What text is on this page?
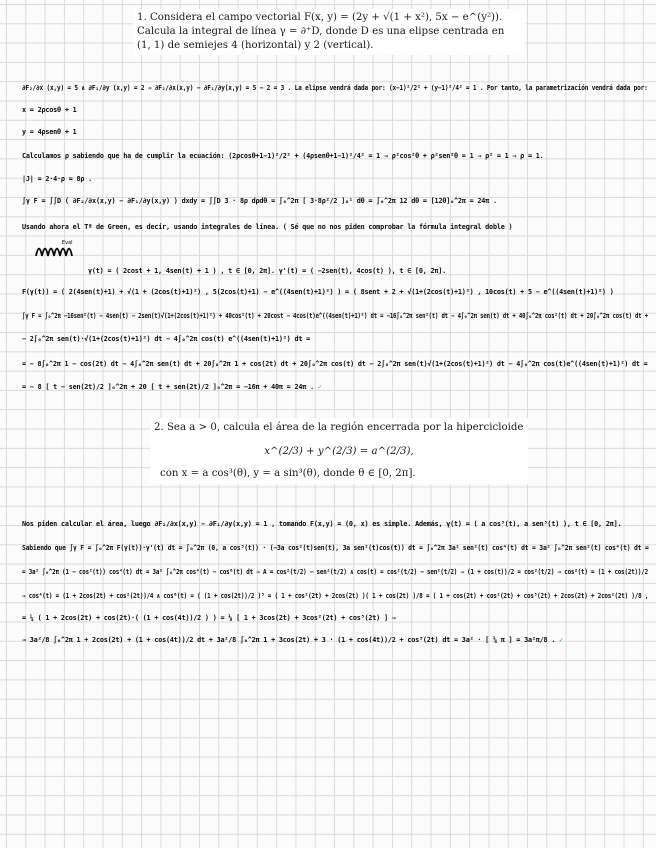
1. Considera el campo vectorial F(x, y) = (2y + √(1 + x²), 5x − e^(y²)). Calcula la integral de línea γ = ∂⁺D, donde D es una elipse centrada en (1, 1) de semiejes 4 (horizontal) y 2 (vertical).
∂F₂/∂x (x,y) = 5 ∧ ∂F₁/∂y (x,y) = 2 ⇒ ∂F₂/∂x(x,y) − ∂F₁/∂y(x,y) = 5 − 2 = 3 . La elipse vendrá dada por: (x−1)²/2² + (y−1)²/4² = 1 . Por tanto, la parametrización vendrá dada por:
x = 2ρcosθ + 1
y = 4ρsenθ + 1
Calculamos ρ sabiendo que ha de cumplir la ecuación: (2ρcosθ+1−1)²/2² + (4ρsenθ+1−1)²/4² = 1 ⇒ ρ²cos²θ + ρ²sen²θ = 1 ⇒ ρ² = 1 ⇒ ρ = 1.
|J| = 2·4·ρ = 8ρ .
∫γ F = ∫∫D ( ∂F₂/∂x(x,y) − ∂F₁/∂y(x,y) ) dxdy = ∫∫D 3 · 8ρ dρdθ = ∫₀^2π [ 3·8ρ²/2 ]₀¹ dθ = ∫₀^2π 12 dθ = [12θ]₀^2π = 24π .
Usando ahora el Tª de Green, es decir, usando integrales de línea. ( Sé que no nos piden comprobar la fórmula integral doble )
Eval
γ(t) = ( 2cost + 1, 4sen(t) + 1 ) , t ∈ [0, 2π]. γ'(t) = ( −2sen(t), 4cos(t) ), t ∈ [0, 2π].
F(γ(t)) = ( 2(4sen(t)+1) + √(1 + (2cos(t)+1)²) , 5(2cos(t)+1) − e^((4sen(t)+1)²) ) = ( 8sent + 2 + √(1+(2cos(t)+1)²) , 10cos(t) + 5 − e^((4sen(t)+1)²) )
∫γ F = ∫₀^2π −16sen²(t) − 4sen(t) − 2sen(t)√(1+(2cos(t)+1)²) + 40cos²(t) + 20cost − 4cos(t)e^((4sen(t)+1)²) dt = −16∫₀^2π sen²(t) dt − 4∫₀^2π sen(t) dt + 40∫₀^2π cos²(t) dt + 20∫₀^2π cos(t) dt +
− 2∫₀^2π sen(t)·√(1+(2cos(t)+1)²) dt − 4∫₀^2π cos(t) e^((4sen(t)+1)²) dt =
= − 8∫₀^2π 1 − cos(2t) dt − 4∫₀^2π sen(t) dt + 20∫₀^2π 1 + cos(2t) dt + 20∫₀^2π cos(t) dt − 2∫₀^2π sen(t)√(1+(2cos(t)+1)²) dt − 4∫₀^2π cos(t)e^((4sen(t)+1)²) dt =
= − 8 [ t − sen(2t)/2 ]₀^2π + 20 [ t + sen(2t)/2 ]₀^2π = −16π + 40π = 24π . ✓
2. Sea a > 0, calcula el área de la región encerrada por la hipercicloide
x^(2/3) + y^(2/3) = a^(2/3),
con x = a cos³(θ), y = a sin³(θ), donde θ ∈ [0, 2π].
Nos piden calcular el área, luego ∂F₂/∂x(x,y) − ∂F₁/∂y(x,y) = 1 , tomando F(x,y) = (0, x) es simple. Además, γ(t) = ( a cos³(t), a sen³(t) ), t ∈ [0, 2π].
Sabiendo que ∫γ F = ∫₀^2π F(γ(t))·γ'(t) dt = ∫₀^2π (0, a cos³(t)) · (−3a cos²(t)sen(t), 3a sen²(t)cos(t)) dt = ∫₀^2π 3a² sen²(t) cos⁴(t) dt = 3a² ∫₀^2π sen²(t) cos⁴(t) dt =
= 3a² ∫₀^2π (1 − cos²(t)) cos⁴(t) dt = 3a² ∫₀^2π cos⁴(t) − cos⁶(t) dt ⇒ A = cos²(t/2) − sen²(t/2) ∧ cos(t) = cos²(t/2) − sen²(t/2) ⇒ (1 + cos(t))/2 = cos²(t/2) ⇒ cos²(t) = (1 + cos(2t))/2
⇒ cos⁴(t) = (1 + 2cos(2t) + cos²(2t))/4 ∧ cos⁶(t) = ( (1 + cos(2t))/2 )³ = ( 1 + cos²(2t) + 2cos(2t) )( 1 + cos(2t) )/8 = ( 1 + cos(2t) + cos²(2t) + cos³(2t) + 2cos(2t) + 2cos²(2t) )/8 ,
= ¼ ( 1 + 2cos(2t) + cos(2t)·( (1 + cos(4t))/2 ) ) = ⅛ [ 1 + 3cos(2t) + 3cos²(2t) + cos³(2t) ] ⇒
⇒ 3a²/8 ∫₀^2π 1 + 2cos(2t) + (1 + cos(4t))/2 dt + 3a²/8 ∫₀^2π 1 + 3cos(2t) + 3 · (1 + cos(4t))/2 + cos³(2t) dt = 3a² · [ ⅛ π ] = 3a²π/8 . ✓
